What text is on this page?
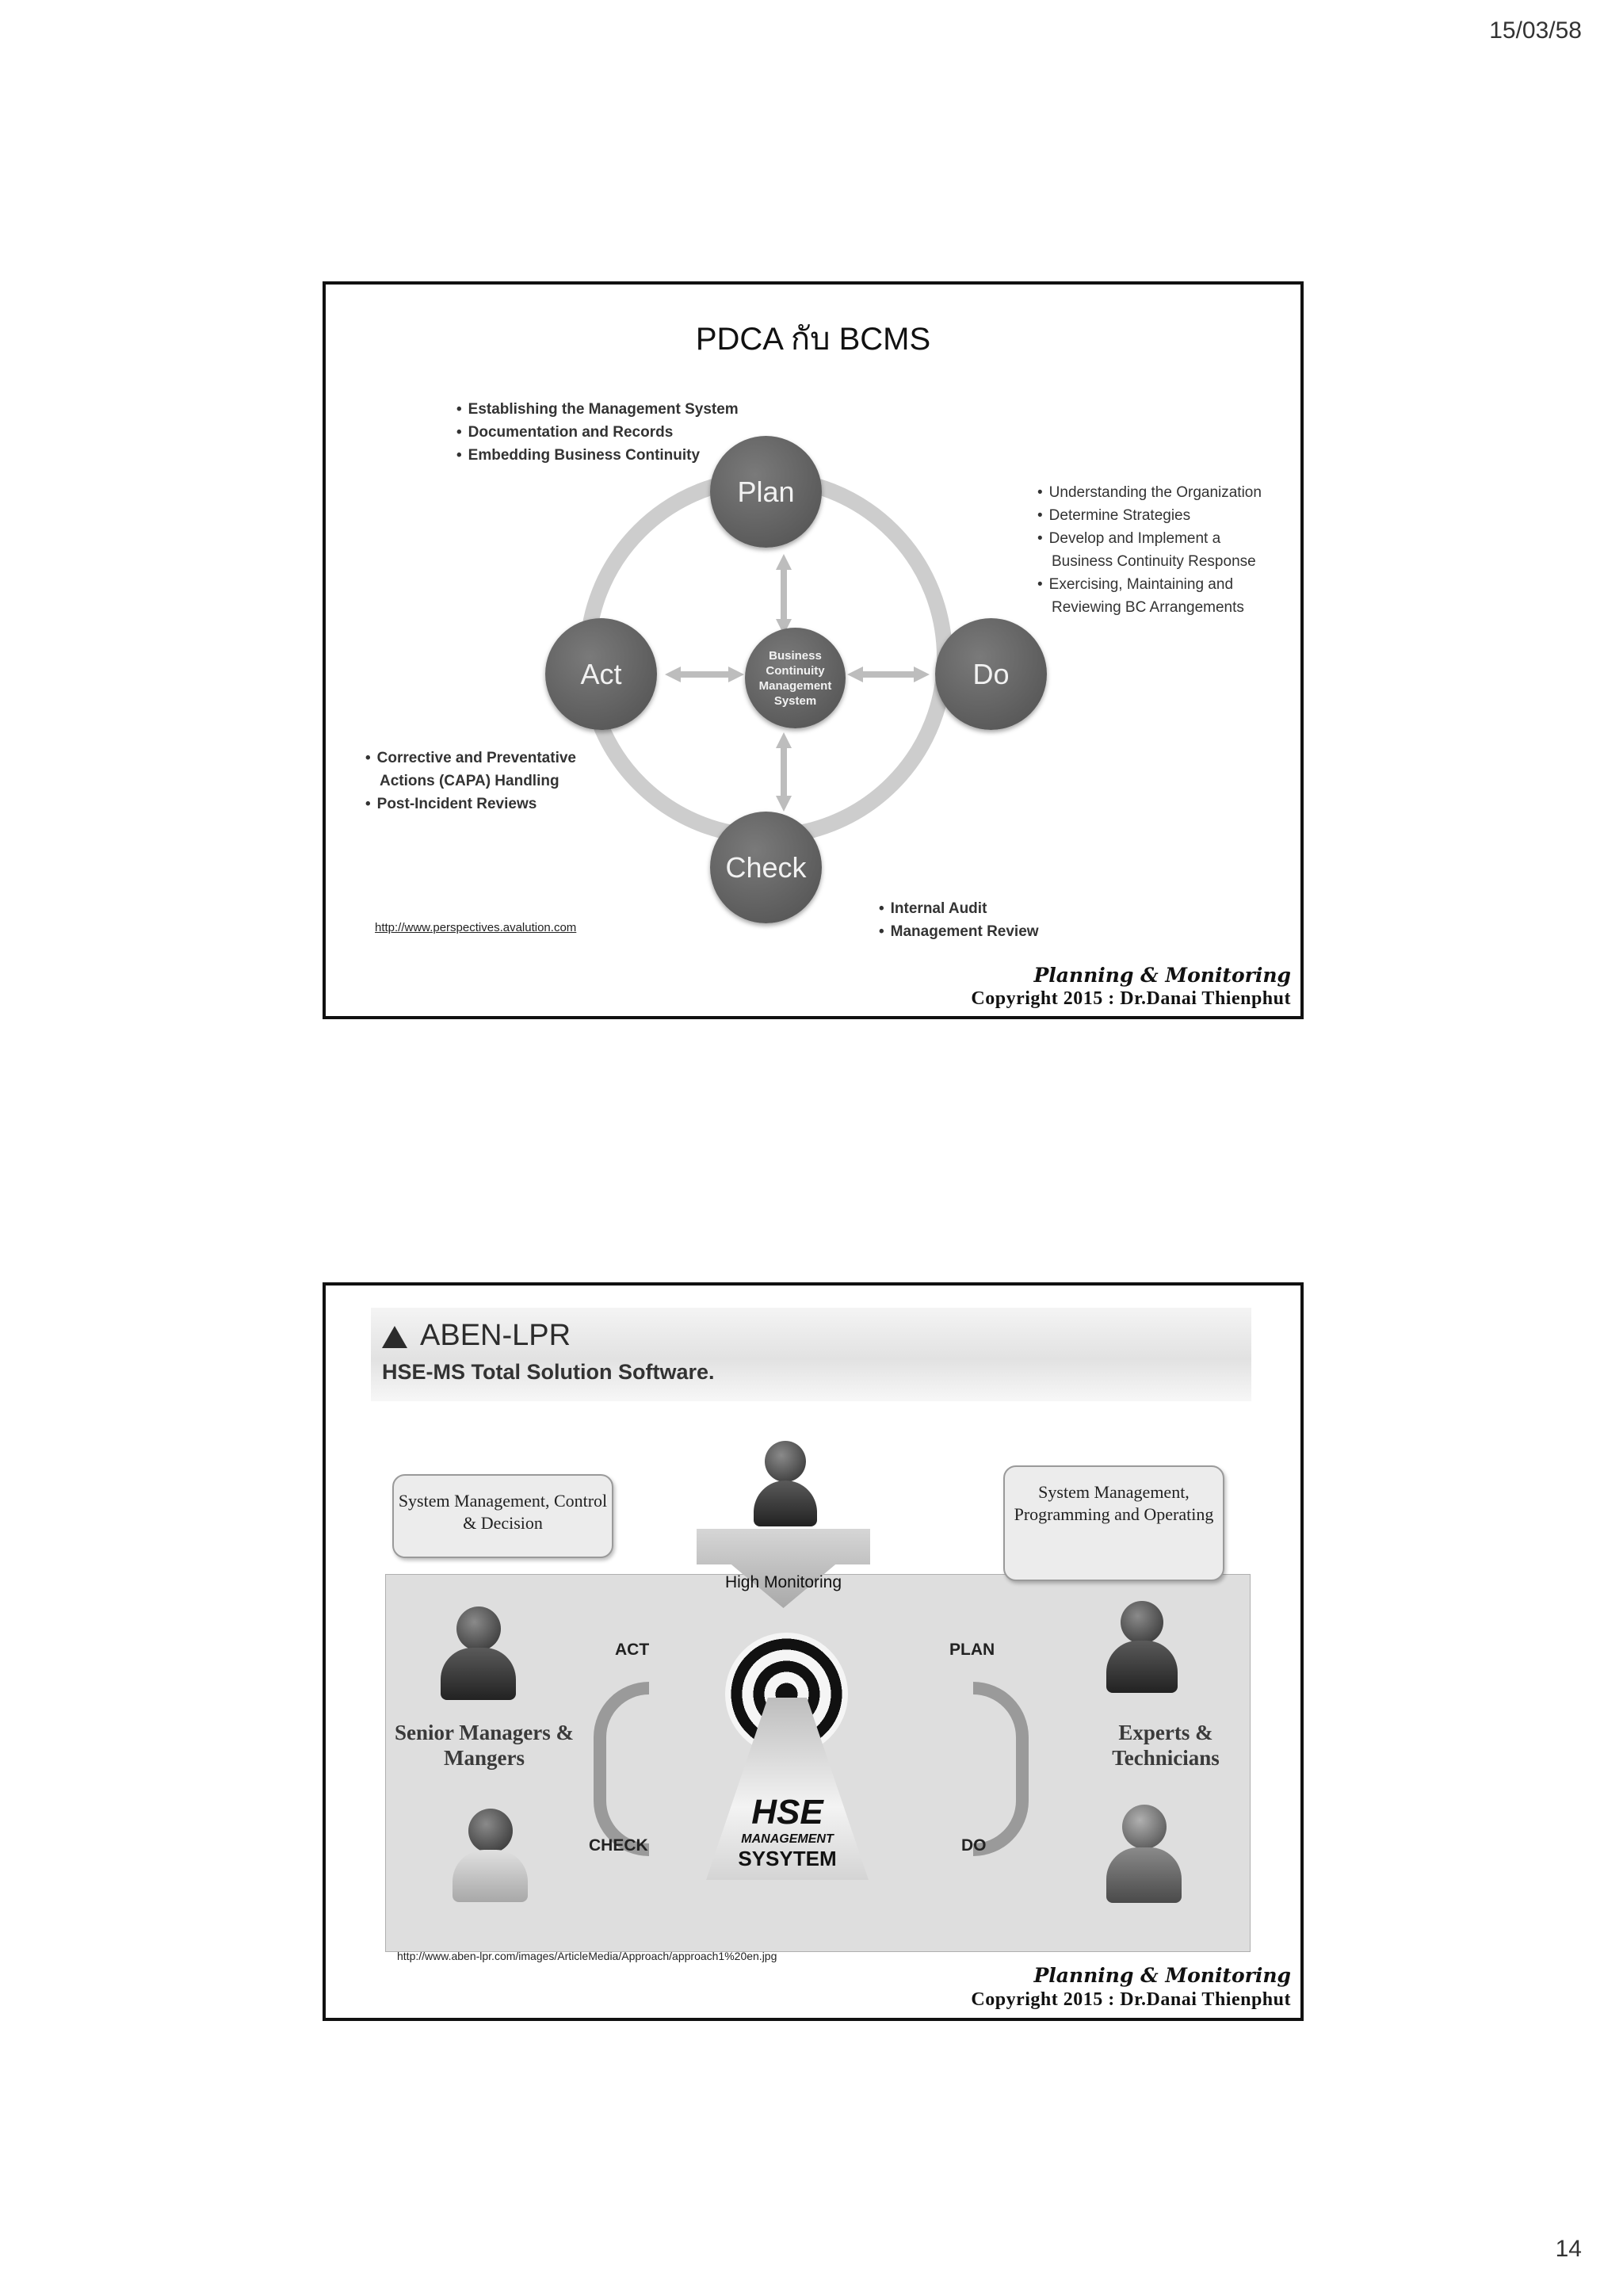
15/03/58
PDCA กับ BCMS
• Establishing the Management System
• Documentation and Records
• Embedding Business Continuity
• Understanding the Organization
• Determine Strategies
• Develop and Implement a
Business Continuity Response
• Exercising, Maintaining and
Reviewing BC Arrangements
• Corrective and Preventative
Actions (CAPA) Handling
• Post-Incident Reviews
• Internal Audit
• Management Review
Plan
Act	Do
Check
Business Continuity Management System
http://www.perspectives.avalution.com
Planning & Monitoring
Copyright 2015 : Dr.Danai Thienphut
ABEN-LPR
HSE-MS Total Solution Software.
System Management, Control & Decision
System Management, Programming and Operating
High Monitoring
HSE
MANAGEMENT
SYSYTEM
ACT	PLAN
CHECK	DO
Senior Managers & Mangers
Experts & Technicians
http://www.aben-lpr.com/images/ArticleMedia/Approach/approach1%20en.jpg
Planning & Monitoring
Copyright 2015 : Dr.Danai Thienphut
14
